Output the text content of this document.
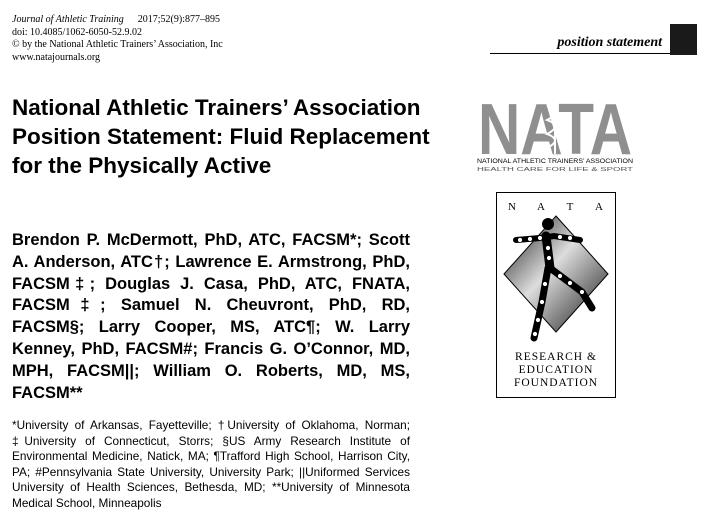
Journal of Athletic Training 2017;52(9):877–895
doi: 10.4085/1062-6050-52.9.02
© by the National Athletic Trainers’ Association, Inc
www.natajournals.org
position statement
National Athletic Trainers’ Association Position Statement: Fluid Replacement for the Physically Active

Brendon P. McDermott, PhD, ATC, FACSM*; Scott A. Anderson, ATC†; Lawrence E. Armstrong, PhD, FACSM‡; Douglas J. Casa, PhD, ATC, FNATA, FACSM‡; Samuel N. Cheuvront, PhD, RD, FACSM§; Larry Cooper, MS, ATC¶; W. Larry Kenney, PhD, FACSM#; Francis G. O’Connor, MD, MPH, FACSM||; William O. Roberts, MD, MS, FACSM**

*University of Arkansas, Fayetteville; †University of Oklahoma, Norman; ‡University of Connecticut, Storrs; §US Army Research Institute of Environmental Medicine, Natick, MA; ¶Trafford High School, Harrison City, PA; #Pennsylvania State University, University Park; ||Uniformed Services University of Health Sciences, Bethesda, MD; **University of Minnesota Medical School, Minneapolis

NATA
NATIONAL ATHLETIC TRAINERS’ ASSOCIATION
HEALTH CARE FOR LIFE & SPORT
N A T A
RESEARCH &
EDUCATION
FOUNDATION
